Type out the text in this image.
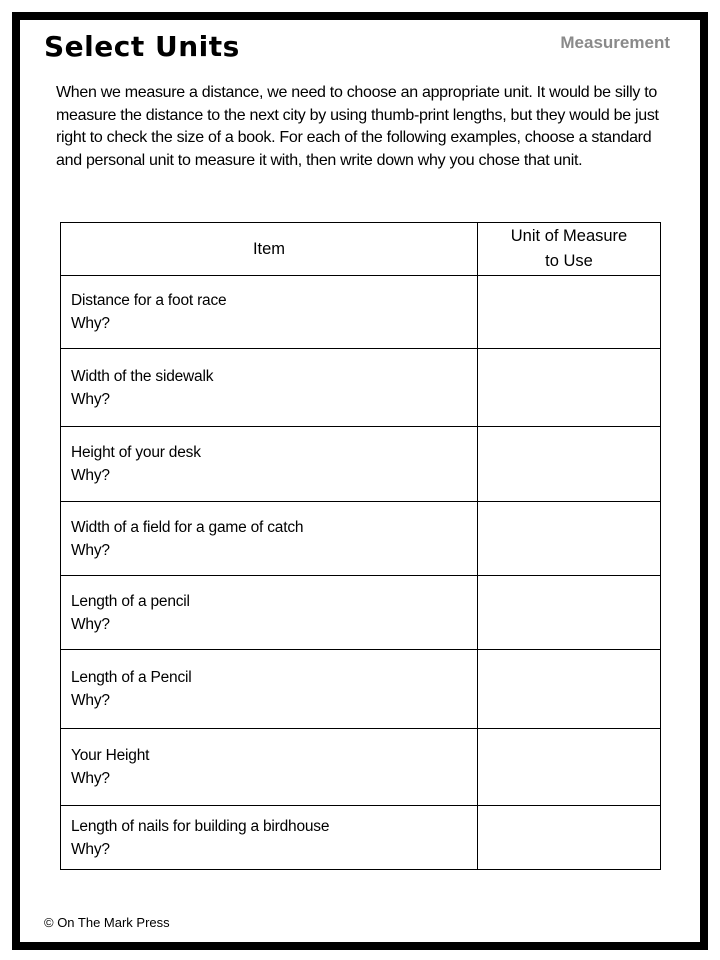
Select Units	Measurement
When we measure a distance, we need to choose an appropriate unit. It would be silly to measure the distance to the next city by using thumb-print lengths, but they would be just right to check the size of a book. For each of the following examples, choose a standard and personal unit to measure it with, then write down why you chose that unit.
Item	Unit of Measure to Use

Distance for a foot race
Why?	

Width of the sidewalk
Why?	

Height of your desk
Why?	

Width of a field for a game of catch
Why?	

Length of a pencil
Why?	

Length of a Pencil
Why?	

Your Height
Why?	

Length of nails for building a birdhouse
Why?	

© On The Mark Press
